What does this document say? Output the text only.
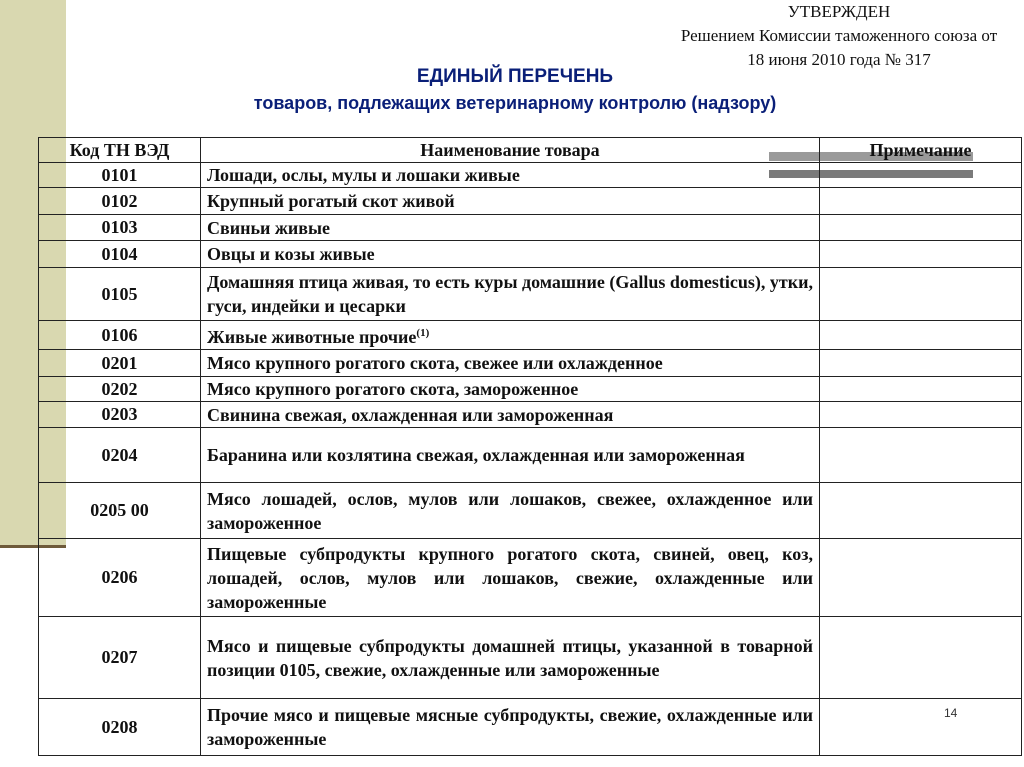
УТВЕРЖДЕН
Решением Комиссии таможенного союза от
18 июня 2010 года № 317
ЕДИНЫЙ ПЕРЕЧЕНЬ
товаров, подлежащих ветеринарному контролю (надзору)
Код ТН ВЭД	Наименование товара	Примечание
0101	Лошади, ослы, мулы и лошаки живые	
0102	Крупный рогатый скот живой	
0103	Свиньи живые	
0104	Овцы и козы живые	
0105	Домашняя птица живая, то есть куры домашние (Gallus domesticus), утки, гуси, индейки и цесарки	
0106	Живые животные прочие$^{(1)}$	
0201	Мясо крупного рогатого скота, свежее или охлажденное	
0202	Мясо крупного рогатого скота, замороженное	
0203	Свинина свежая, охлажденная или замороженная	
0204	Баранина или козлятина свежая, охлажденная или замороженная	
0205 00	Мясо лошадей, ослов, мулов или лошаков, свежее, охлажденное или замороженное	
0206	Пищевые субпродукты крупного рогатого скота, свиней, овец, коз, лошадей, ослов, мулов или лошаков, свежие, охлажденные или замороженные	
0207	Мясо и пищевые субпродукты домашней птицы, указанной в товарной позиции 0105, свежие, охлажденные или замороженные	
0208	Прочие мясо и пищевые мясные субпродукты, свежие, охлажденные или замороженные	
14
